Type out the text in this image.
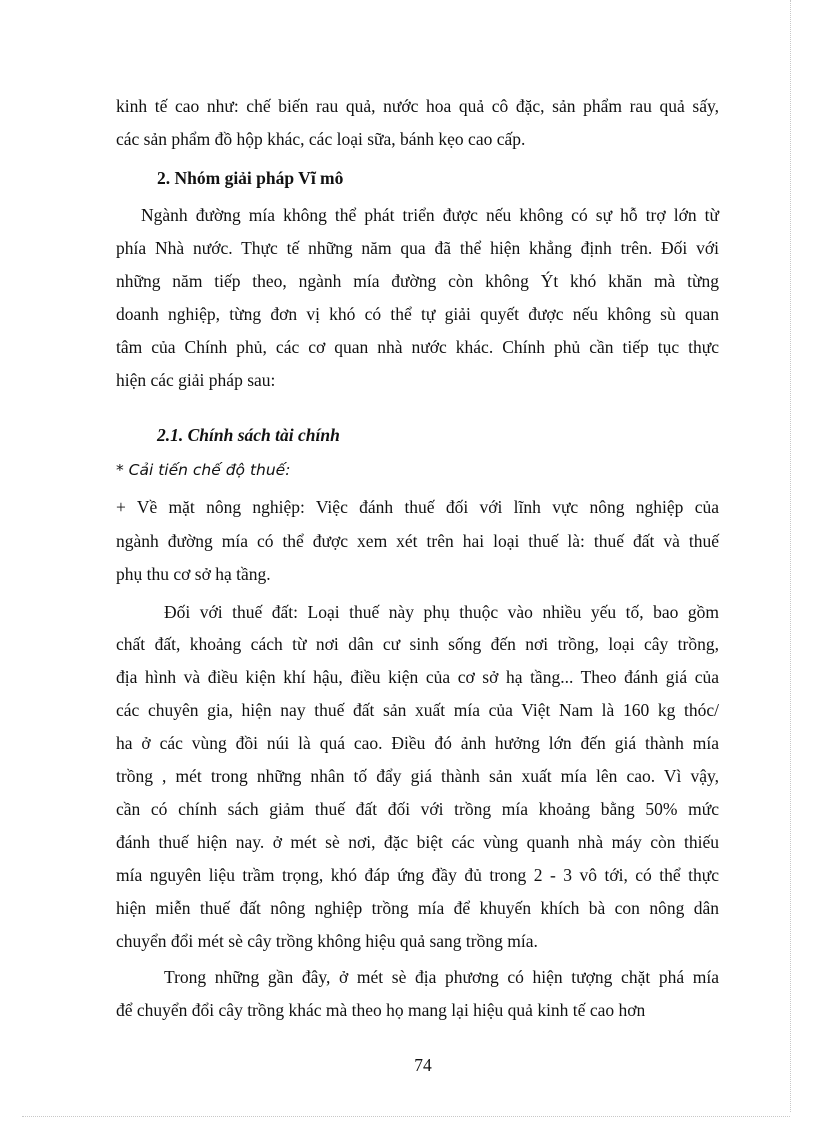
kinh tế cao như: chế biến rau quả, nước hoa quả cô đặc, sản phẩm rau quả sấy,
các sản phẩm đồ hộp khác, các loại sữa, bánh kẹo cao cấp.
2. Nhóm giải pháp Vĩ mô
Ngành đường mía không thể phát triển được nếu không có sự hỗ trợ lớn từ
phía Nhà nước. Thực tế những năm qua đã thể hiện khẳng định trên. Đối với
những năm tiếp theo, ngành mía đường còn không Ýt khó khăn mà từng
doanh nghiệp, từng đơn vị khó có thể tự giải quyết được nếu không sù quan
tâm của Chính phủ, các cơ quan nhà nước khác. Chính phủ cần tiếp tục thực
hiện các giải pháp sau:
2.1. Chính sách tài chính
* Cải tiến chế độ thuế:
+ Về mặt nông nghiệp: Việc đánh thuế đối với lĩnh vực nông nghiệp của
ngành đường mía có thể được xem xét trên hai loại thuế là: thuế đất và thuế
phụ thu cơ sở hạ tầng.
Đối với thuế đất: Loại thuế này phụ thuộc vào nhiều yếu tố, bao gồm
chất đất, khoảng cách từ nơi dân cư sinh sống đến nơi trồng, loại cây trồng,
địa hình và điều kiện khí hậu, điều kiện của cơ sở hạ tầng... Theo đánh giá của
các chuyên gia, hiện nay thuế đất sản xuất mía của Việt Nam là 160 kg thóc/
ha ở các vùng đồi núi là quá cao. Điều đó ảnh hưởng lớn đến giá thành mía
trồng , mét trong những nhân tố đẩy giá thành sản xuất mía lên cao. Vì vậy,
cần có chính sách giảm thuế đất đối với trồng mía khoảng bằng 50% mức
đánh thuế hiện nay. ở mét sè nơi, đặc biệt các vùng quanh nhà máy còn thiếu
mía nguyên liệu trầm trọng, khó đáp ứng đầy đủ trong 2 - 3 vô tới, có thể thực
hiện miễn thuế đất nông nghiệp trồng mía để khuyến khích bà con nông dân
chuyển đổi mét sè cây trồng không hiệu quả sang trồng mía.
Trong những gần đây, ở mét sè địa phương có hiện tượng chặt phá mía
để chuyển đổi cây trồng khác mà theo họ mang lại hiệu quả kinh tế cao hơn
74
